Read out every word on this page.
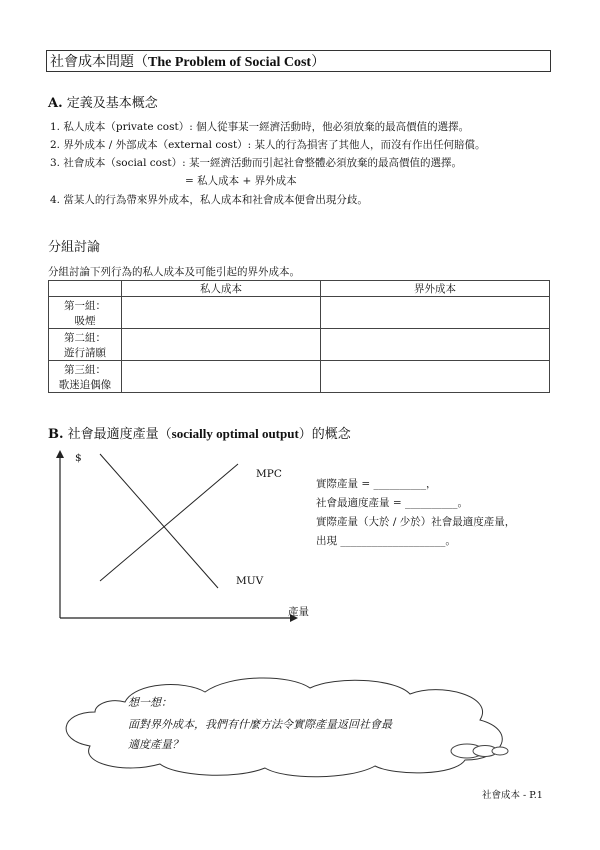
社會成本問題（The Problem of Social Cost）
A. 定義及基本概念
1. 私人成本（private cost）: 個人從事某一經濟活動時，他必須放棄的最高價值的選擇。
2. 界外成本 / 外部成本（external cost）: 某人的行為損害了其他人，而沒有作出任何賠償。
3. 社會成本（social cost）: 某一經濟活動而引起社會整體必須放棄的最高價值的選擇。
= 私人成本 + 界外成本
4. 當某人的行為帶來界外成本，私人成本和社會成本便會出現分歧。
分組討論
分組討論下列行為的私人成本及可能引起的界外成本。
	私人成本	界外成本

第一組：
吸煙		

第二組：
遊行請願		

第三組：
歌迷追偶像		

B. 社會最適度產量（socially optimal output）的概念
$
產量
MPC
MUV
實際產量 = __________，
社會最適度產量 = __________。
實際產量（大於 / 少於）社會最適度產量，
出現 ____________________。
想一想：
面對界外成本，我們有什麼方法令實際產量返回社會最
適度產量？
社會成本 - P.1
